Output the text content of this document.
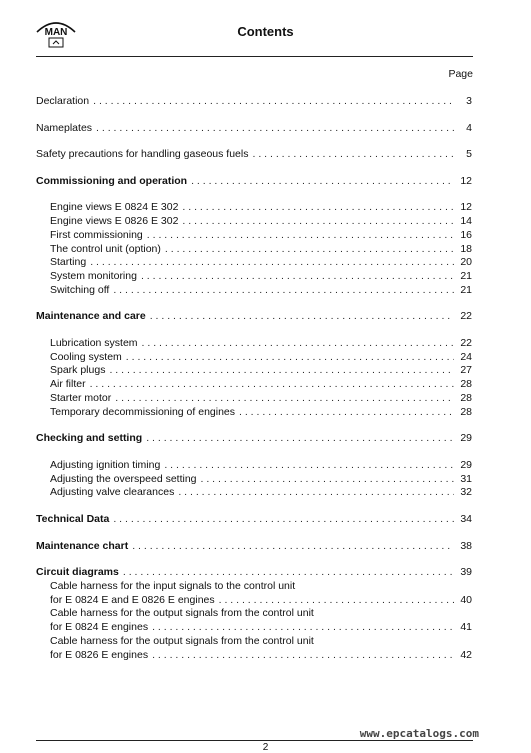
MAN	Contents
Page
Declaration . . .	3
Nameplates . . .	4
Safety precautions for handling gaseous fuels . . .	5
Commissioning and operation . . .	12
Engine views E 0824 E 302 . . .	12
Engine views E 0826 E 302 . . .	14
First commissioning . . .	16
The control unit (option) . . .	18
Starting . . .	20
System monitoring . . .	21
Switching off . . .	21
Maintenance and care . . .	22
Lubrication system . . .	22
Cooling system . . .	24
Spark plugs . . .	27
Air filter . . .	28
Starter motor . . .	28
Temporary decommissioning of engines . . .	28
Checking and setting . . .	29
Adjusting ignition timing . . .	29
Adjusting the overspeed setting . . .	31
Adjusting valve clearances . . .	32
Technical Data . . .	34
Maintenance chart . . .	38
Circuit diagrams . . .	39
Cable harness for the input signals to the control unit
for E 0824 E and E 0826 E engines . . .	40
Cable harness for the output signals from the control unit
for E 0824 E engines . . .	41
Cable harness for the output signals from the control unit
for E 0826 E engines . . .	42
www.epcatalogs.com
2
